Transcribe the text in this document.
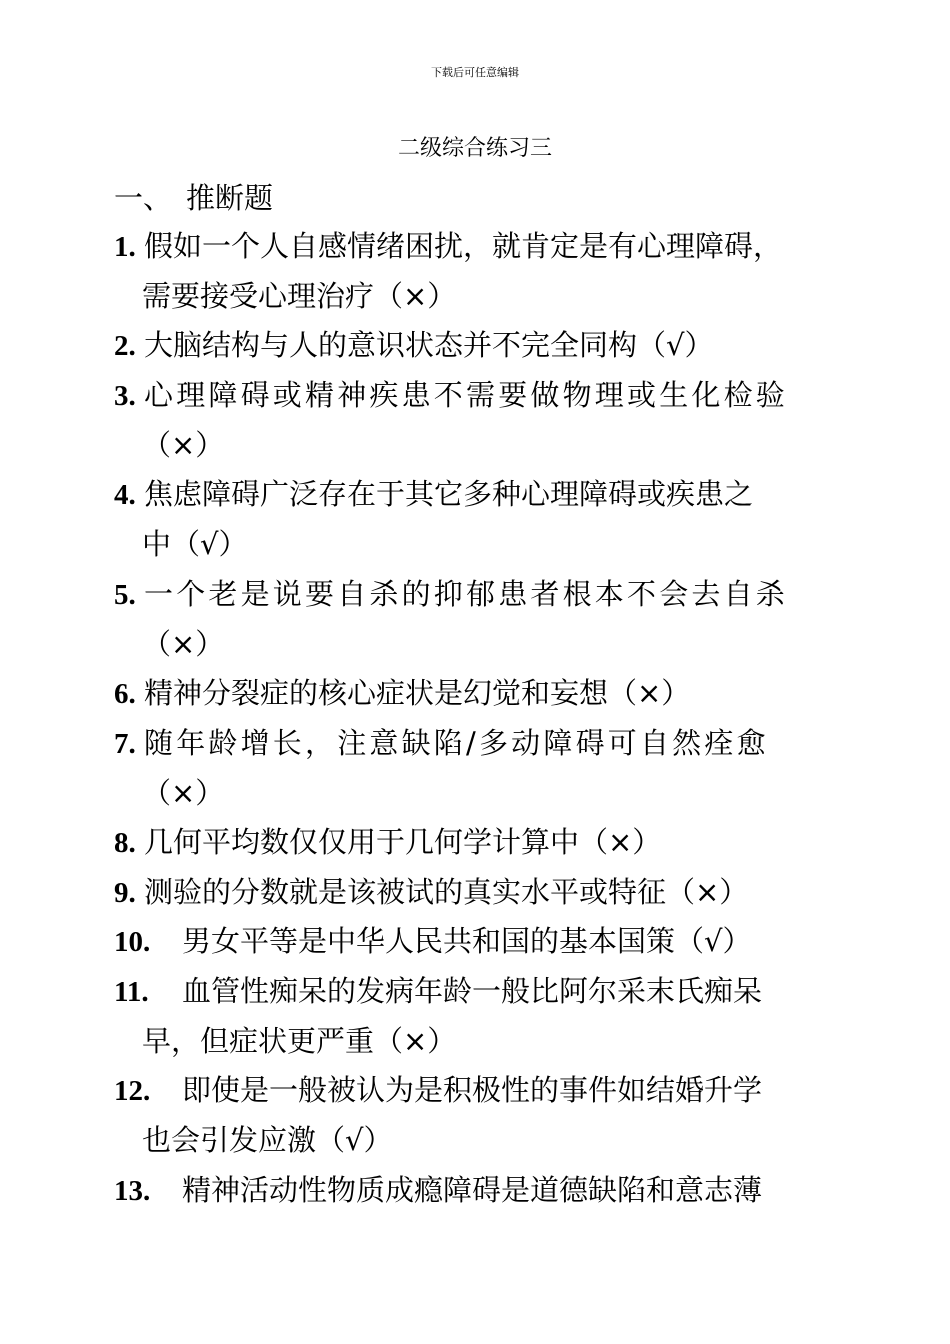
下载后可任意编辑
二级综合练习三
一、 推断题
1. 假如一个人自感情绪困扰，就肯定是有心理障碍，
需要接受心理治疗（×）
2. 大脑结构与人的意识状态并不完全同构（√）
3. 心理障碍或精神疾患不需要做物理或生化检验
（×）
4. 焦虑障碍广泛存在于其它多种心理障碍或疾患之
中（√）
5. 一个老是说要自杀的抑郁患者根本不会去自杀
（×）
6. 精神分裂症的核心症状是幻觉和妄想（×）
7. 随年龄增长，注意缺陷/多动障碍可自然痊愈
（×）
8. 几何平均数仅仅用于几何学计算中（×）
9. 测验的分数就是该被试的真实水平或特征（×）
10. 男女平等是中华人民共和国的基本国策（√）
11. 血管性痴呆的发病年龄一般比阿尔采末氏痴呆
早，但症状更严重（×）
12. 即使是一般被认为是积极性的事件如结婚升学
也会引发应激（√）
13. 精神活动性物质成瘾障碍是道德缺陷和意志薄
